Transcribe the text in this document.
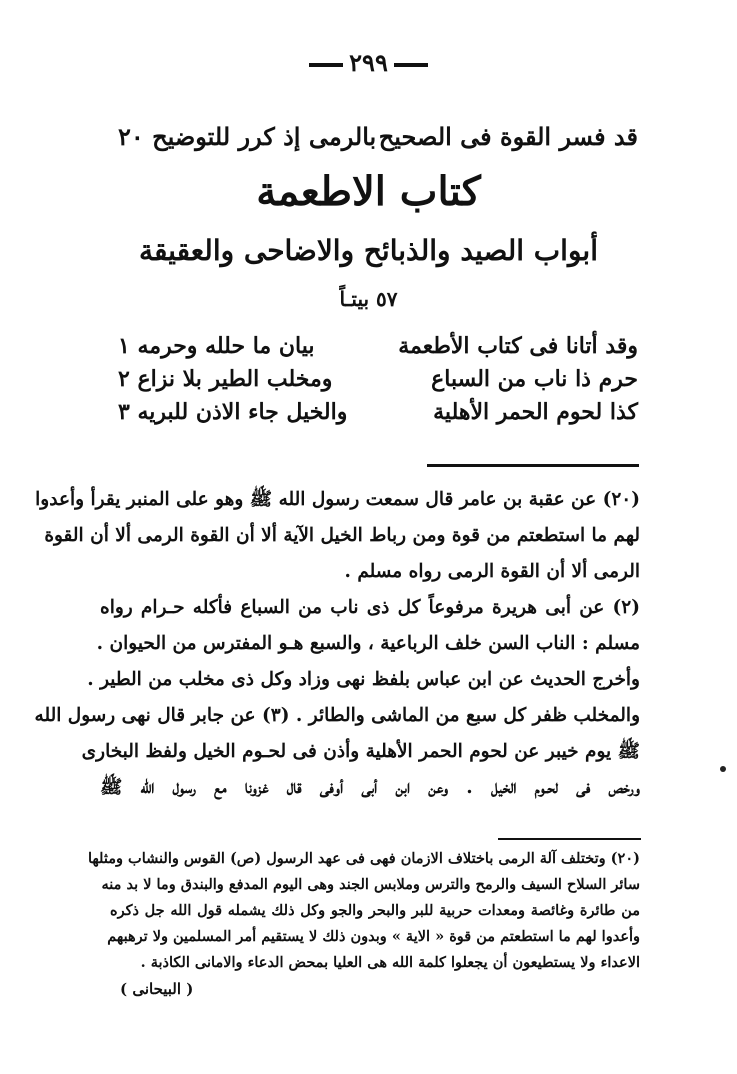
٢٩٩
قد فسر القوة فى الصحيح
بالرمى إذ كرر للتوضيح ٢٠
كتاب الاطعمة
أبواب الصيد والذبائح والاضاحى والعقيقة
٥٧ بيتـاً
وقد أتانا فى كتاب الأطعمة
بيان ما حلله وحرمه ١
حرم ذا ناب من السباع
ومخلب الطير بلا نزاع ٢
كذا لحوم الحمر الأهلية
والخيل جاء الاذن للبريه ٣
(٢٠) عن عقبة بن عامر قال سمعت رسول الله ﷺ وهو على المنبر يقرأ وأعدوا
لهم ما استطعتم من قوة ومن رباط الخيل الآية ألا أن القوة الرمى ألا أن القوة
الرمى ألا أن القوة الرمى رواه مسلم .
(٢) عن أبى هريرة مرفوعاً كل ذى ناب من السباع فأكله حـرام رواه
مسلم : الناب السن خلف الرباعية ، والسبع هـو المفترس من الحيوان .
وأخرج الحديث عن ابن عباس بلفظ نهى وزاد وكل ذى مخلب من الطير .
والمخلب ظفر كل سبع من الماشى والطائر . (٣) عن جابر قال نهى رسول الله
ﷺ يوم خيبر عن لحوم الحمر الأهلية وأذن فى لحـوم الخيل ولفظ البخارى
ورخص فى لحـوم الخيل . وعن ابن أبى أوفى قال غزونا مع رسول الله ﷺ
(٢٠) وتختلف آلة الرمى باختلاف الازمان فهى فى عهد الرسول (ص) القوس والنشاب ومثلها
سائر السلاح السيف والرمح والترس وملابس الجند وهى اليوم المدفع والبندق وما لا بد منه
من طائرة وغائصة ومعدات حربية للبر والبحر والجو وكل ذلك يشمله قول الله جل ذكره
وأعدوا لهم ما استطعتم من قوة « الاية » وبدون ذلك لا يستقيم أمر المسلمين ولا ترهبهم
الاعداء ولا يستطيعون أن يجعلوا كلمة الله هى العليا بمحض الدعاء والامانى الكاذبة .
( البيحانى )
